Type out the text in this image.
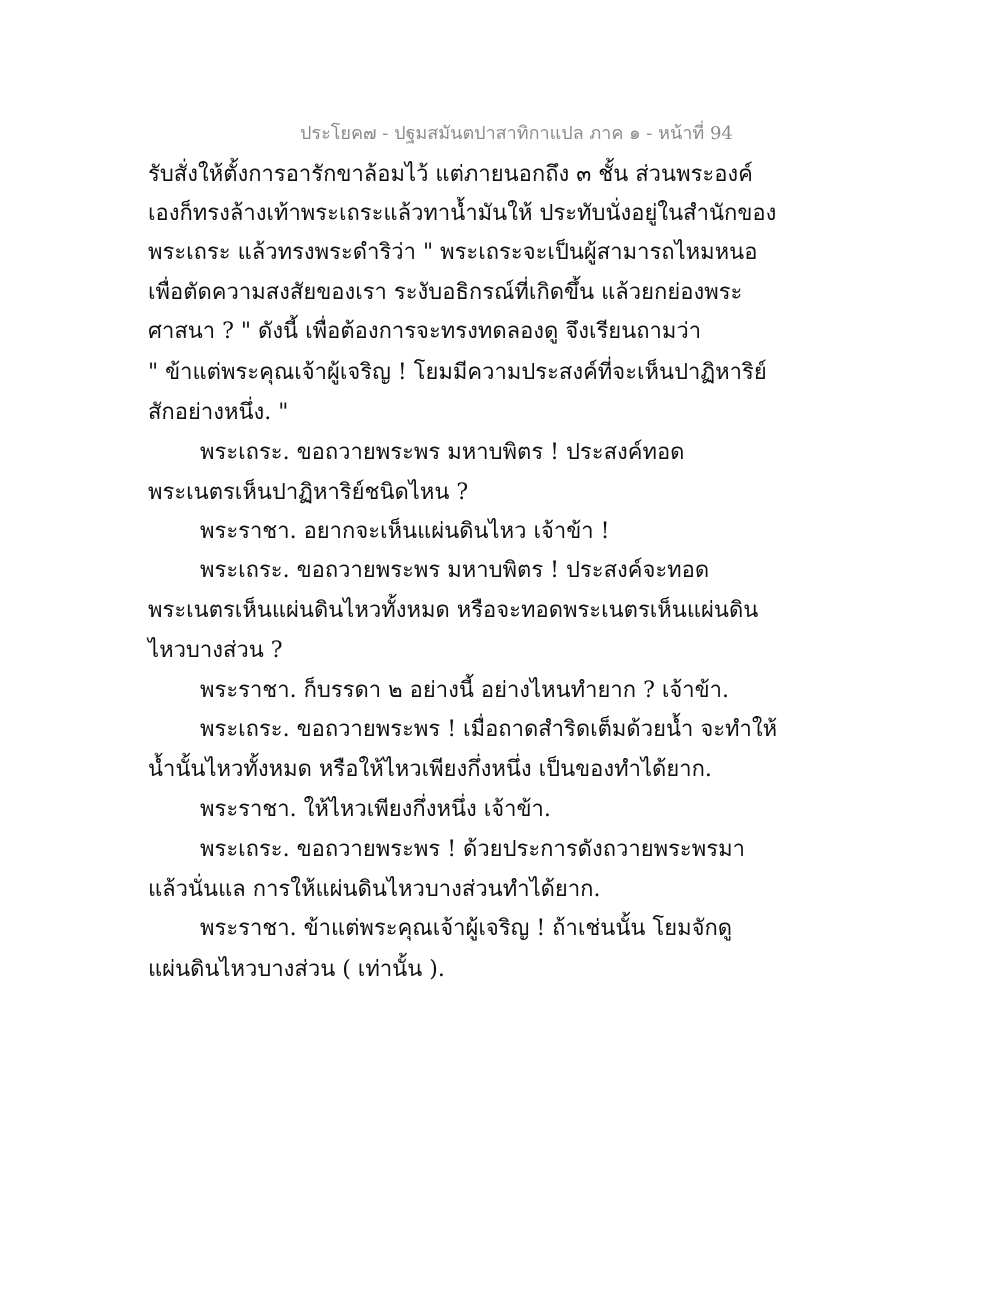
ประโยค๗ - ปฐมสมันตปาสาทิกาแปล ภาค ๑ - หน้าที่ 94
รับสั่งให้ตั้งการอารักขาล้อมไว้ แต่ภายนอกถึง ๓ ชั้น ส่วนพระองค์
เองก็ทรงล้างเท้าพระเถระแล้วทาน้ำมันให้ ประทับนั่งอยู่ในสำนักของ
พระเถระ แล้วทรงพระดำริว่า " พระเถระจะเป็นผู้สามารถไหมหนอ
เพื่อตัดความสงสัยของเรา ระงับอธิกรณ์ที่เกิดขึ้น แล้วยกย่องพระ
ศาสนา ? " ดังนี้ เพื่อต้องการจะทรงทดลองดู จึงเรียนถามว่า
" ข้าแต่พระคุณเจ้าผู้เจริญ ! โยมมีความประสงค์ที่จะเห็นปาฏิหาริย์
สักอย่างหนึ่ง. "
พระเถระ. ขอถวายพระพร มหาบพิตร ! ประสงค์ทอด
พระเนตรเห็นปาฏิหาริย์ชนิดไหน ?
พระราชา. อยากจะเห็นแผ่นดินไหว เจ้าข้า !
พระเถระ. ขอถวายพระพร มหาบพิตร ! ประสงค์จะทอด
พระเนตรเห็นแผ่นดินไหวทั้งหมด หรือจะทอดพระเนตรเห็นแผ่นดิน
ไหวบางส่วน ?
พระราชา. ก็บรรดา ๒ อย่างนี้ อย่างไหนทำยาก ? เจ้าข้า.
พระเถระ. ขอถวายพระพร ! เมื่อถาดสำริดเต็มด้วยน้ำ จะทำให้
น้ำนั้นไหวทั้งหมด หรือให้ไหวเพียงกึ่งหนึ่ง เป็นของทำได้ยาก.
พระราชา. ให้ไหวเพียงกึ่งหนึ่ง เจ้าข้า.
พระเถระ. ขอถวายพระพร ! ด้วยประการดังถวายพระพรมา
แล้วนั่นแล การให้แผ่นดินไหวบางส่วนทำได้ยาก.
พระราชา. ข้าแต่พระคุณเจ้าผู้เจริญ ! ถ้าเช่นนั้น โยมจักดู
แผ่นดินไหวบางส่วน ( เท่านั้น ).
